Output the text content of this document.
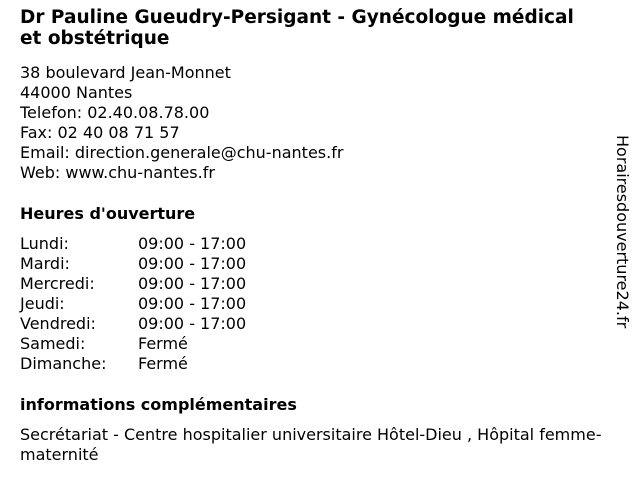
Dr Pauline Gueudry-Persigant - Gynécologue médical
et obstétrique
38 boulevard Jean-Monnet
44000 Nantes
Telefon: 02.40.08.78.00
Fax: 02 40 08 71 57
Email: direction.generale@chu-nantes.fr
Web: www.chu-nantes.fr
Heures d'ouverture
Lundi:	09:00 - 17:00
Mardi:	09:00 - 17:00
Mercredi:	09:00 - 17:00
Jeudi:	09:00 - 17:00
Vendredi:	09:00 - 17:00
Samedi:	Fermé
Dimanche:	Fermé
informations complémentaires
Secrétariat - Centre hospitalier universitaire Hôtel-Dieu , Hôpital femme-maternité
Horairesdouverture24.fr
